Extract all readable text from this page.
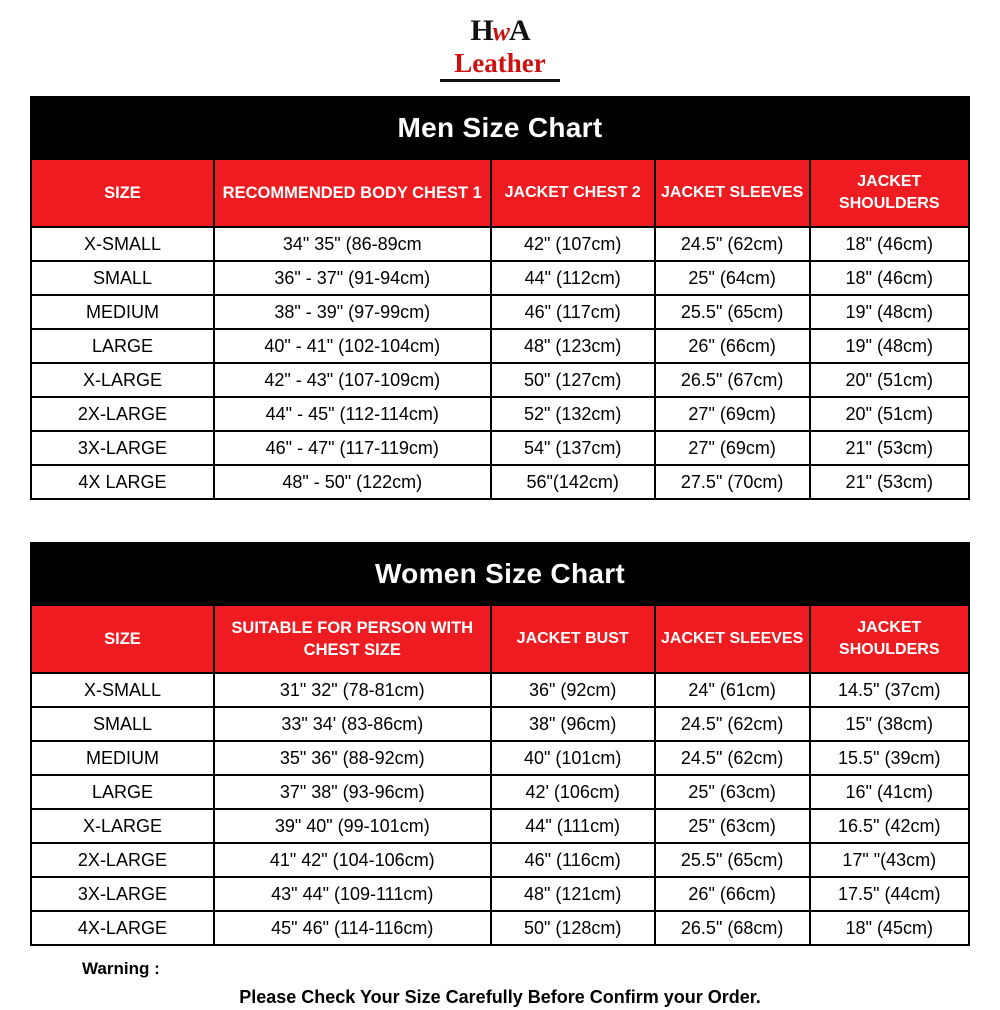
HwA
Leather
Men Size Chart				
SIZE	RECOMMENDED BODY CHEST 1	JACKET CHEST 2	JACKET SLEEVES	JACKET SHOULDERS
X-SMALL	34" 35" (86-89cm	42" (107cm)	24.5" (62cm)	18" (46cm)
SMALL	36" - 37" (91-94cm)	44" (112cm)	25" (64cm)	18" (46cm)
MEDIUM	38" - 39" (97-99cm)	46" (117cm)	25.5" (65cm)	19" (48cm)
LARGE	40" - 41" (102-104cm)	48" (123cm)	26" (66cm)	19" (48cm)
X-LARGE	42" - 43" (107-109cm)	50" (127cm)	26.5" (67cm)	20" (51cm)
2X-LARGE	44" - 45" (112-114cm)	52" (132cm)	27" (69cm)	20" (51cm)
3X-LARGE	46" - 47" (117-119cm)	54" (137cm)	27" (69cm)	21" (53cm)
4X LARGE	48" - 50" (122cm)	56"(142cm)	27.5" (70cm)	21" (53cm)
Women Size Chart				
SIZE	SUITABLE FOR PERSON WITH CHEST SIZE	JACKET BUST	JACKET SLEEVES	JACKET SHOULDERS
X-SMALL	31" 32" (78-81cm)	36" (92cm)	24" (61cm)	14.5" (37cm)
SMALL	33" 34' (83-86cm)	38" (96cm)	24.5" (62cm)	15" (38cm)
MEDIUM	35" 36" (88-92cm)	40" (101cm)	24.5" (62cm)	15.5" (39cm)
LARGE	37" 38" (93-96cm)	42' (106cm)	25" (63cm)	16" (41cm)
X-LARGE	39" 40" (99-101cm)	44" (111cm)	25" (63cm)	16.5" (42cm)
2X-LARGE	41" 42" (104-106cm)	46" (116cm)	25.5" (65cm)	17" "(43cm)
3X-LARGE	43" 44" (109-111cm)	48" (121cm)	26" (66cm)	17.5" (44cm)
4X-LARGE	45" 46" (114-116cm)	50" (128cm)	26.5" (68cm)	18" (45cm)
Warning :
Please Check Your Size Carefully Before Confirm your Order.
